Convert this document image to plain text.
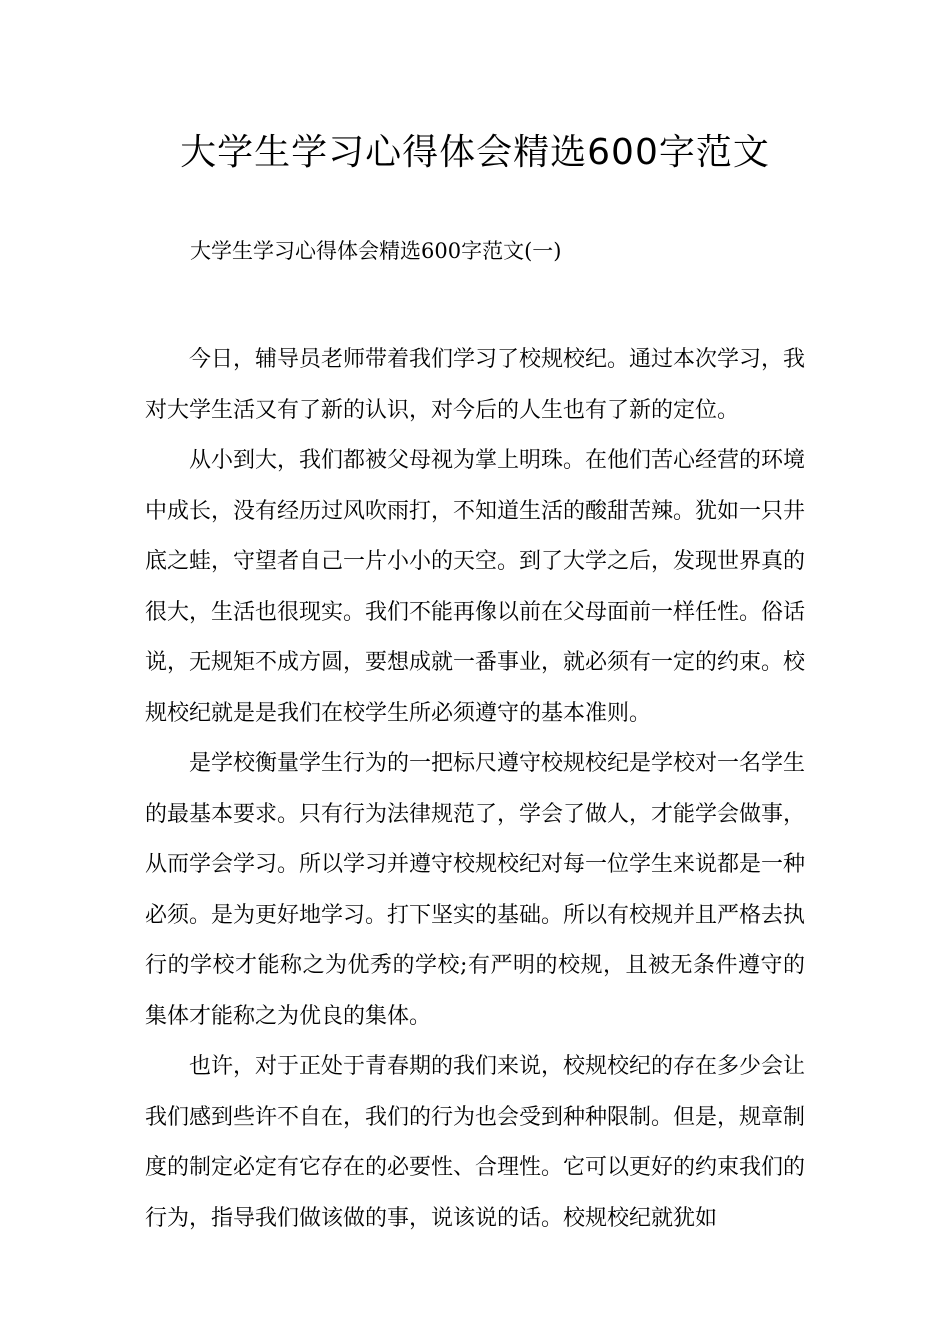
大学生学习心得体会精选600字范文
大学生学习心得体会精选600字范文(一)

今日，辅导员老师带着我们学习了校规校纪。通过本次学习，我对大学生活又有了新的认识，对今后的人生也有了新的定位。

从小到大，我们都被父母视为掌上明珠。在他们苦心经营的环境中成长，没有经历过风吹雨打，不知道生活的酸甜苦辣。犹如一只井底之蛙，守望者自己一片小小的天空。到了大学之后，发现世界真的很大，生活也很现实。我们不能再像以前在父母面前一样任性。俗话说，无规矩不成方圆，要想成就一番事业，就必须有一定的约束。校规校纪就是是我们在校学生所必须遵守的基本准则。

是学校衡量学生行为的一把标尺遵守校规校纪是学校对一名学生的最基本要求。只有行为法律规范了，学会了做人，才能学会做事，从而学会学习。所以学习并遵守校规校纪对每一位学生来说都是一种必须。是为更好地学习。打下坚实的基础。所以有校规并且严格去执行的学校才能称之为优秀的学校;有严明的校规，且被无条件遵守的集体才能称之为优良的集体。

也许，对于正处于青春期的我们来说，校规校纪的存在多少会让我们感到些许不自在，我们的行为也会受到种种限制。但是，规章制度的制定必定有它存在的必要性、合理性。它可以更好的约束我们的行为，指导我们做该做的事，说该说的话。校规校纪就犹如
